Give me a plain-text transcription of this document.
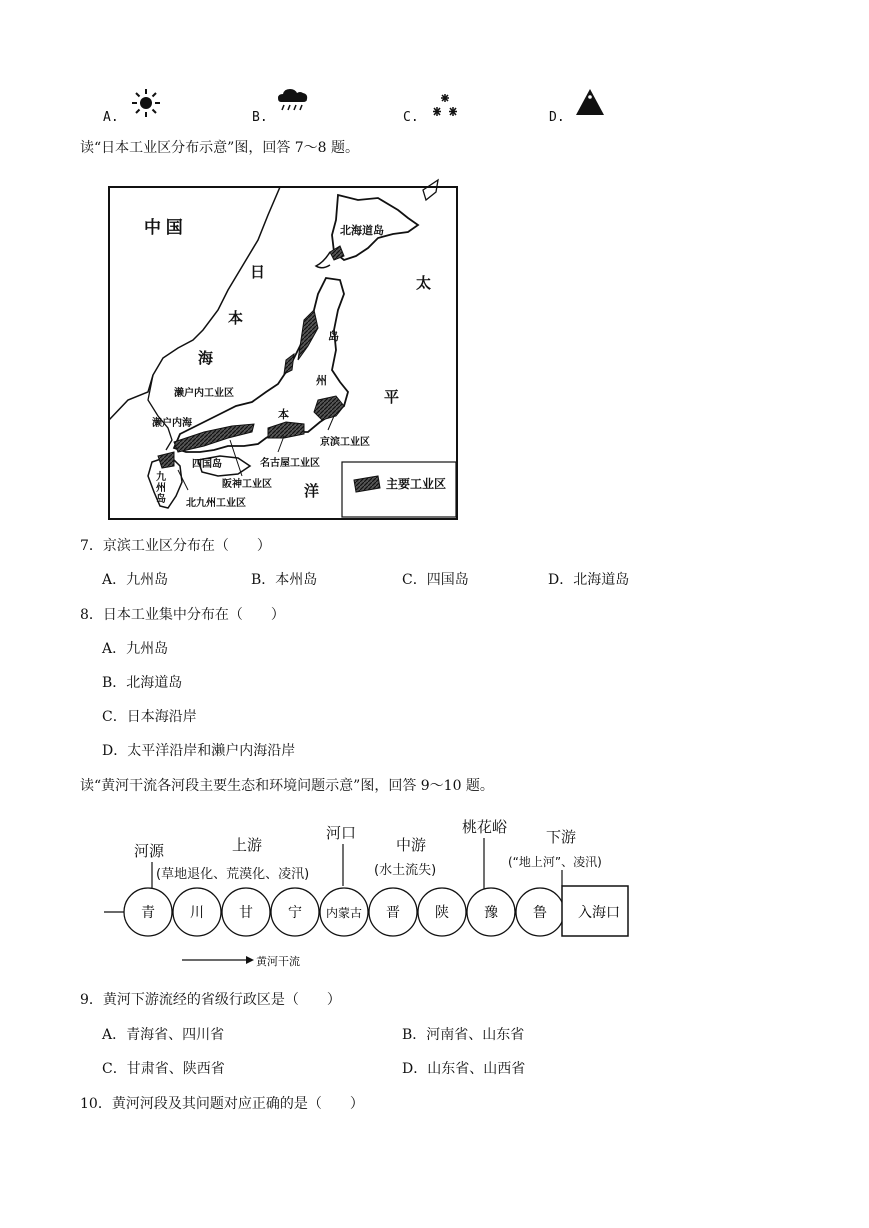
A.	B.	C.	D.
读“日本工业区分布示意”图，回答 7～8 题。
中 国
日
本
海
北海道岛
太
平
洋
岛
州
本
濑户内工业区
濑户内海
四国岛
九
州
岛
京滨工业区
名古屋工业区
阪神工业区
北九州工业区
主要工业区
7．京滨工业区分布在（　　）
A．九州岛	B．本州岛	C．四国岛	D．北海道岛
8．日本工业集中分布在（　　）
A．九州岛
B．北海道岛
C．日本海沿岸
D．太平洋沿岸和濑户内海沿岸
读“黄河干流各河段主要生态和环境问题示意”图，回答 9～10 题。
河源	上游
(草地退化、荒漠化、凌汛)
河口
中游
(水土流失)
桃花峪
下游
(“地上河”、凌汛)
青	川	甘	宁 内蒙古 晋	陕	豫	鲁 入海口
黄河干流
9．黄河下游流经的省级行政区是（　　）
A．青海省、四川省	B．河南省、山东省
C．甘肃省、陕西省	D．山东省、山西省
10．黄河河段及其问题对应正确的是（　　）
